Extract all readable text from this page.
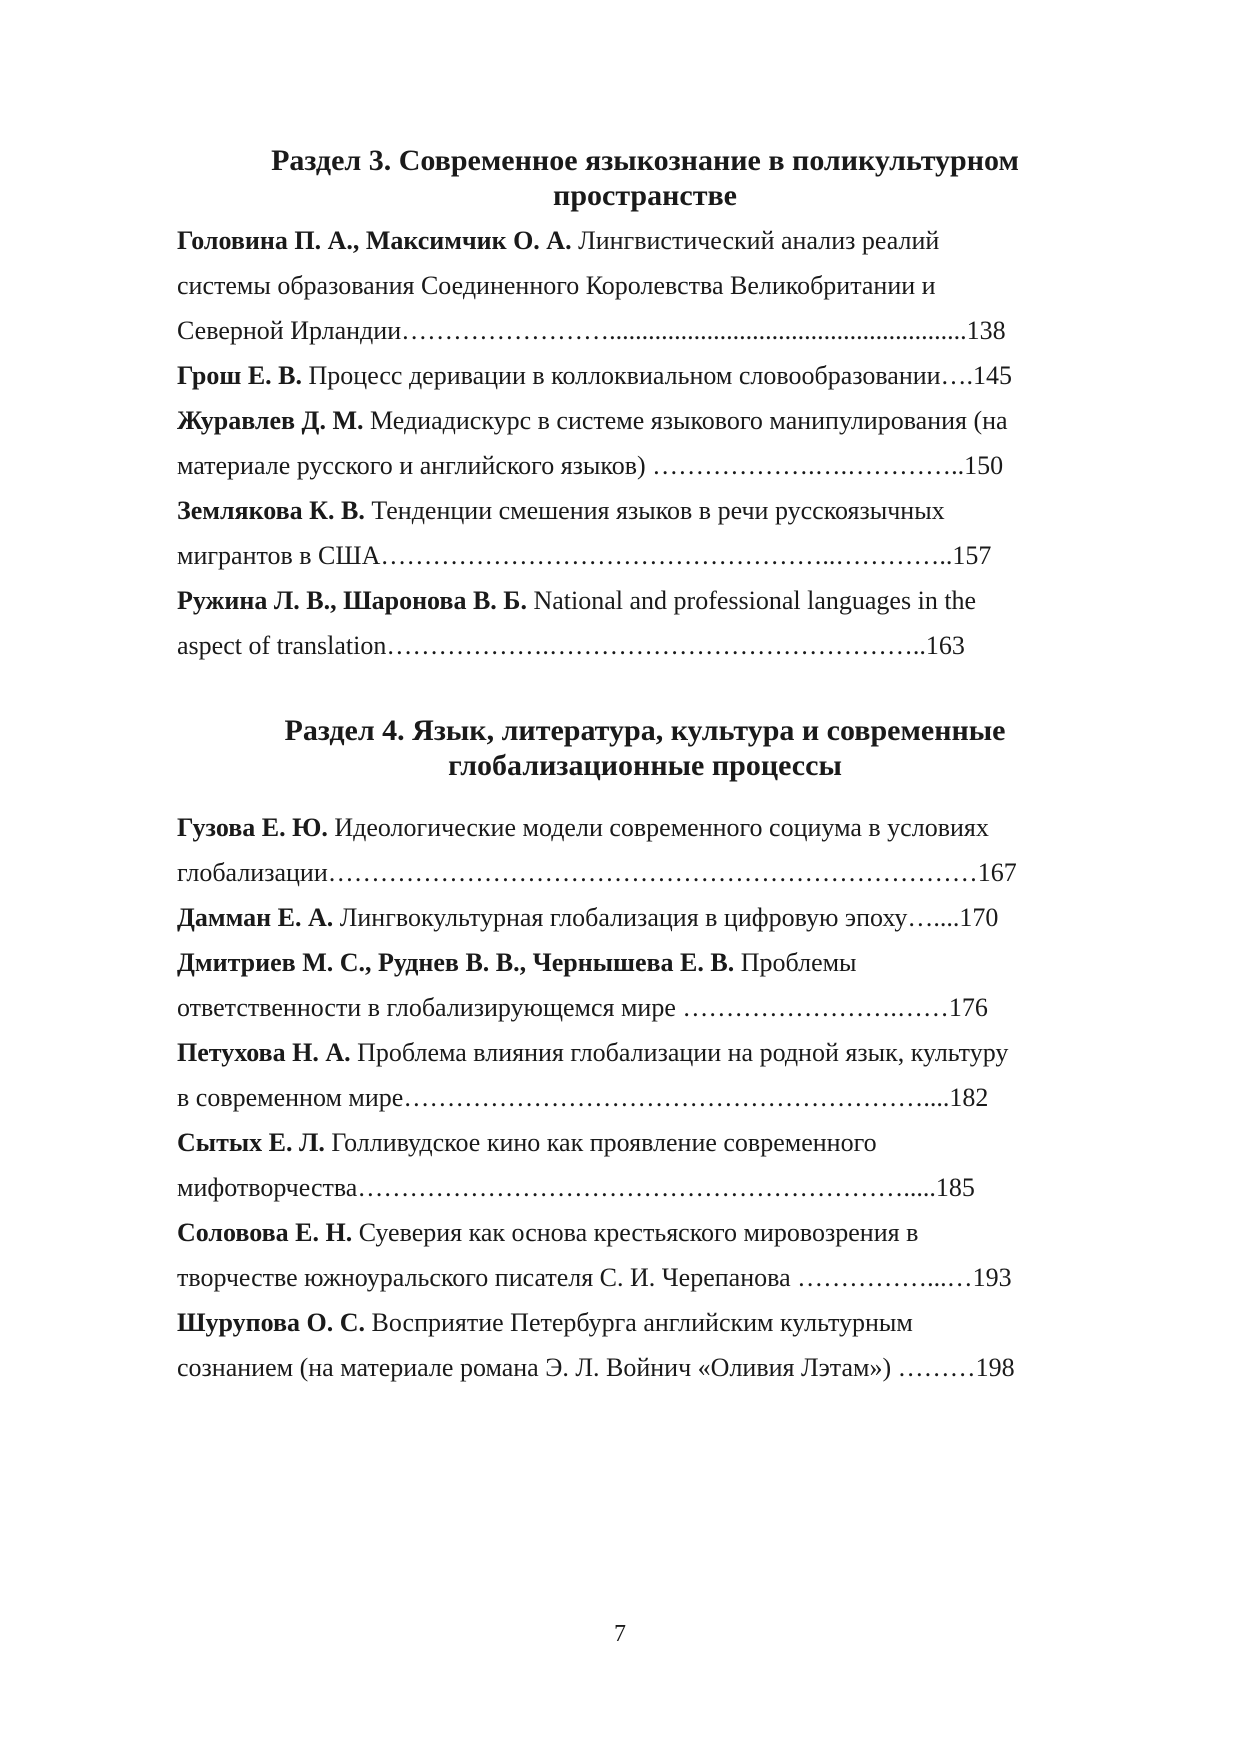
Раздел 3. Современное языкознание в поликультурном
пространстве
Головина П. А., Максимчик О. А. Лингвистический анализ реалий
системы образования Соединенного Королевства Великобритании и
Северной Ирландии…………………….......................................................138
Грош Е. В. Процесс деривации в коллоквиальном словообразовании….145
Журавлев Д. М. Медиадискурс в системе языкового манипулирования (на
материале русского и английского языков) ……………….….…………..150
Землякова К. В. Тенденции смешения языков в речи русскоязычных
мигрантов в США……………………………………………..…………..157
Ружина Л. В., Шаронова В. Б. National and professional languages in the
aspect of translation……………….……………………………………..163
Раздел 4. Язык, литература, культура и современные
глобализационные процессы
Гузова Е. Ю. Идеологические модели современного социума в условиях
глобализации…………………………………………………………………167
Дамман Е. А. Лингвокультурная глобализация в цифровую эпоху…....170
Дмитриев М. С., Руднев В. В., Чернышева Е. В. Проблемы
ответственности в глобализирующемся мире …………………….……176
Петухова Н. А. Проблема влияния глобализации на родной язык, культуру
в современном мире……………………………………………………....182
Сытых Е. Л. Голливудское кино как проявление современного
мифотворчества……………………………………………………….....185
Соловова Е. Н. Суеверия как основа крестьяского мировозрения в
творчестве южноуральского писателя С. И. Черепанова ……………...…193
Шурупова О. С. Восприятие Петербурга английским культурным
сознанием (на материале романа Э. Л. Войнич «Оливия Лэтам») ………198
7
